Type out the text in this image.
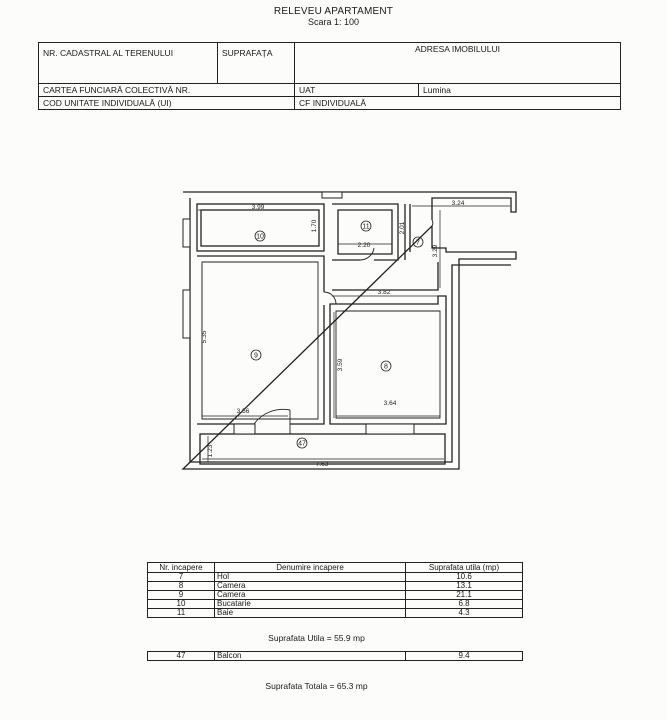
RELEVEU APARTAMENT
Scara 1: 100
NR. CADASTRAL AL TERENULUI	SUPRAFAȚA	ADRESA IMOBILULUI	
CARTEA FUNCIARĂ COLECTIVĂ NR.		UAT	Lumina
COD UNITATE INDIVIDUALĂ (UI)		CF INDIVIDUALĂ	
3.99
1.70	2.01
2.20
3.24
3.29
3.82
5.35
3.59
3.56
3.64
1.23
7.63
10
11
7
9
8
47
Nr. incapere	Denumire incapere	Suprafata utila (mp)
7	Hol	10.6
8	Camera	13.1
9	Camera	21.1
10	Bucatarie	6.8
11	Baie	4.3
Suprafata Utila = 55.9 mp
47	Balcon	9.4
Suprafata Totala = 65.3 mp
